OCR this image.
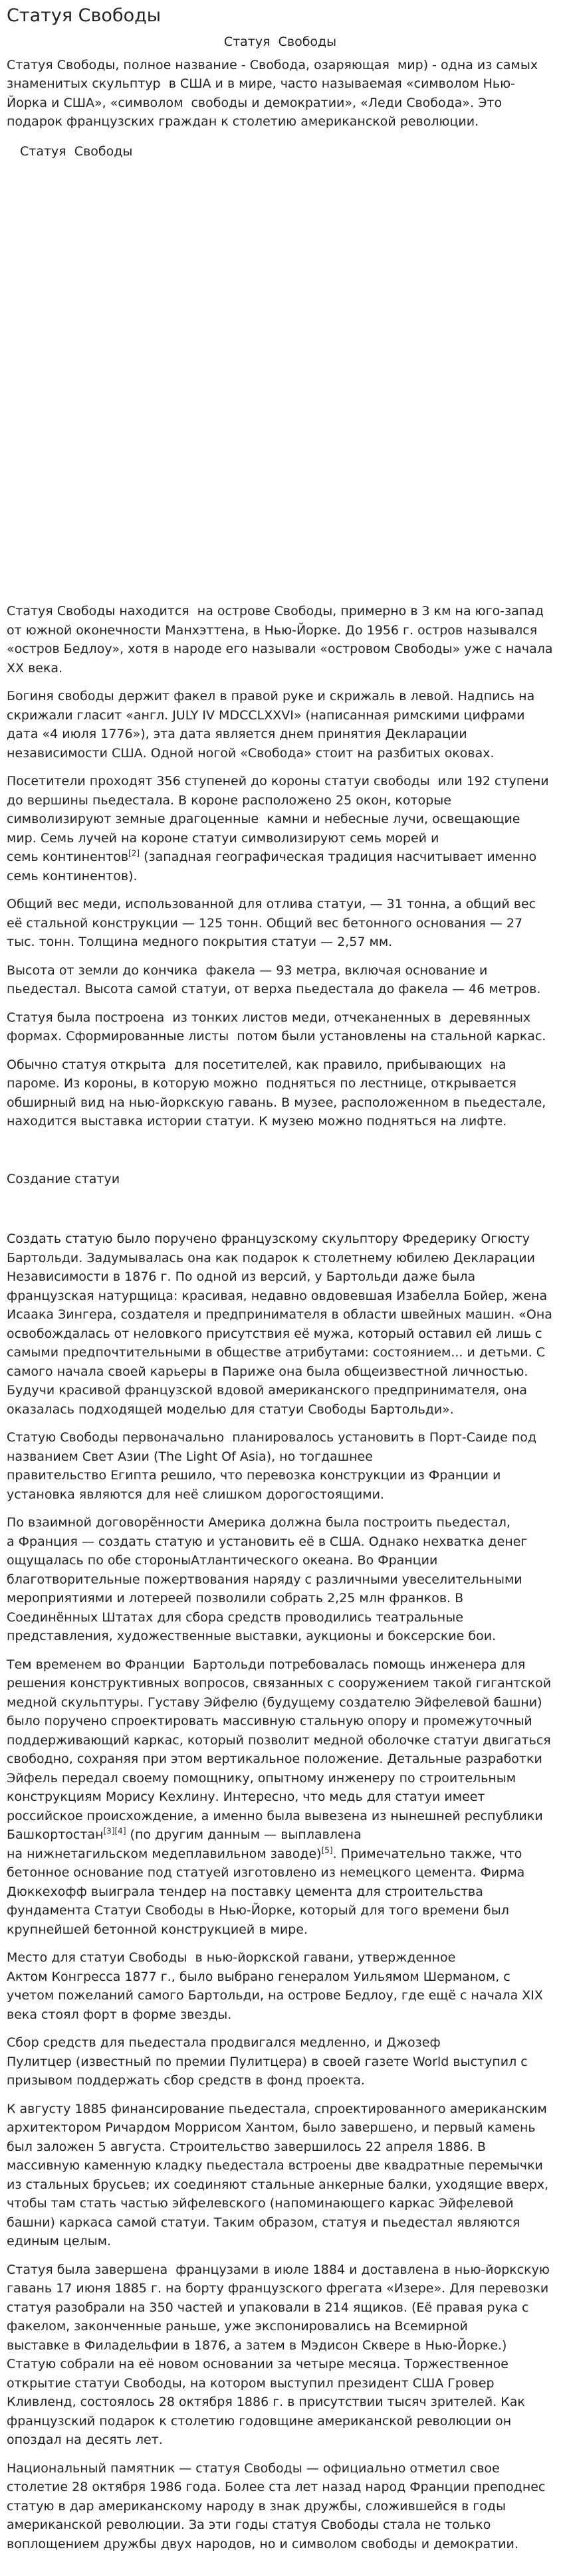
Статуя Свободы
Статуя  Свободы

Статуя Свободы, полное название - Свобода, озаряющая  мир) - одна из самых знаменитых скульптур  в США и в мире, часто называемая «символом Нью-Йорка и США», «символом  свободы и демократии», «Леди Свобода». Это подарок французских граждан к столетию американской революции.

Статуя  Свободы

Статуя Свободы находится  на острове Свободы, примерно в 3 км на юго-запад от южной оконечности Манхэттена, в Нью-Йорке. До 1956 г. остров назывался «остров Бедлоу», хотя в народе его называли «островом Свободы» уже с начала XX века.

Богиня свободы держит факел в правой руке и скрижаль в левой. Надпись на скрижали гласит «англ. JULY IV MDCCLXXVI» (написанная римскими цифрами дата «4 июля 1776»), эта дата является днем принятия Декларации независимости США. Одной ногой «Свобода» стоит на разбитых оковах.

Посетители проходят 356 ступеней до короны статуи свободы  или 192 ступени до вершины пьедестала. В короне расположено 25 окон, которые символизируют земные драгоценные  камни и небесные лучи, освещающие мир. Семь лучей на короне статуи символизируют семь морей и
семь континентов[2] (западная географическая традиция насчитывает именно семь континентов).

Общий вес меди, использованной для отлива статуи, — 31 тонна, а общий вес её стальной конструкции — 125 тонн. Общий вес бетонного основания — 27 тыс. тонн. Толщина медного покрытия статуи — 2,57 мм.

Высота от земли до кончика  факела — 93 метра, включая основание и пьедестал. Высота самой статуи, от верха пьедестала до факела — 46 метров.

Статуя была построена  из тонких листов меди, отчеканенных в  деревянных формах. Сформированные листы  потом были установлены на стальной каркас.

Обычно статуя открыта  для посетителей, как правило, прибывающих  на пароме. Из короны, в которую можно  подняться по лестнице, открывается обширный вид на нью-йоркскую гавань. В музее, расположенном в пьедестале, находится выставка истории статуи. К музею можно подняться на лифте.

Создание статуи

Создать статую было поручено французскому скульптору Фредерику Огюсту Бартольди. Задумывалась она как подарок к столетнему юбилею Декларации Независимости в 1876 г. По одной из версий, у Бартольди даже была французская натурщица: красивая, недавно овдовевшая Изабелла Бойер, жена Исаака Зингера, создателя и предпринимателя в области швейных машин. «Она освобождалась от неловкого присутствия её мужа, который оставил ей лишь с самыми предпочтительными в обществе атрибутами: состоянием... и детьми. С самого начала своей карьеры в Париже она была общеизвестной личностью. Будучи красивой французской вдовой американского предпринимателя, она оказалась подходящей моделью для статуи Свободы Бартольди».

Статую Свободы первоначально  планировалось установить в Порт-Саиде под названием Свет Азии (The Light Of Asia), но тогдашнее
правительство Египта решило, что перевозка конструкции из Франции и установка являются для неё слишком дорогостоящими.

По взаимной договорённости Америка должна была построить пьедестал,
а Франция — создать статую и установить её в США. Однако нехватка денег ощущалась по обе стороныАтлантического океана. Во Франции благотворительные пожертвования наряду с различными увеселительными мероприятиями и лотереей позволили собрать 2,25 млн франков. В Соединённых Штатах для сбора средств проводились театральные представления, художественные выставки, аукционы и боксерские бои.

Тем временем во Франции  Бартольди потребовалась помощь инженера для решения конструктивных вопросов, связанных с сооружением такой гигантской медной скульптуры. Густаву Эйфелю (будущему создателю Эйфелевой башни) было поручено спроектировать массивную стальную опору и промежуточный поддерживающий каркас, который позволит медной оболочке статуи двигаться свободно, сохраняя при этом вертикальное положение. Детальные разработки Эйфель передал своему помощнику, опытному инженеру по строительным конструкциям Морису Кехлину. Интересно, что медь для статуи имеет российское происхождение, а именно была вывезена из нынешней республики Башкортостан[3][4] (по другим данным — выплавлена
на нижнетагильском медеплавильном заводе)[5]. Примечательно также, что бетонное основание под статуей изготовлено из немецкого цемента. Фирма Дюккехофф выиграла тендер на поставку цемента для строительства фундамента Статуи Свободы в Нью-Йорке, который для того времени был крупнейшей бетонной конструкцией в мире.

Место для статуи Свободы  в нью-йоркской гавани, утвержденное
Актом Конгресса 1877 г., было выбрано генералом Уильямом Шерманом, с учетом пожеланий самого Бартольди, на острове Бедлоу, где ещё с начала XIX века стоял форт в форме звезды.

Сбор средств для пьедестала продвигался медленно, и Джозеф
Пулитцер (известный по премии Пулитцера) в своей газете World выступил с призывом поддержать сбор средств в фонд проекта.

К августу 1885 финансирование пьедестала, спроектированного американским архитектором Ричардом Моррисом Хантом, было завершено, и первый камень был заложен 5 августа. Строительство завершилось 22 апреля 1886. В массивную каменную кладку пьедестала встроены две квадратные перемычки из стальных брусьев; их соединяют стальные анкерные балки, уходящие вверх, чтобы там стать частью эйфелевского (напоминающего каркас Эйфелевой башни) каркаса самой статуи. Таким образом, статуя и пьедестал являются единым целым.

Статуя была завершена  французами в июле 1884 и доставлена в нью-йоркскую гавань 17 июня 1885 г. на борту французского фрегата «Изере». Для перевозки статуя разобрали на 350 частей и упаковали в 214 ящиков. (Её правая рука с факелом, законченные раньше, уже экспонировались на Всемирной
выставке в Филадельфии в 1876, а затем в Мэдисон Сквере в Нью-Йорке.) Статую собрали на её новом основании за четыре месяца. Торжественное открытие статуи Свободы, на котором выступил президент США Гровер Кливленд, состоялось 28 октября 1886 г. в присутствии тысяч зрителей. Как французский подарок к столетию годовщине американской революции он опоздал на десять лет.

Национальный памятник — статуя Свободы — официально отметил свое столетие 28 октября 1986 года. Более ста лет назад народ Франции преподнес статую в дар американскому народу в знак дружбы, сложившейся в годы американской революции. За эти годы статуя Свободы стала не только воплощением дружбы двух народов, но и символом свободы и демократии.
